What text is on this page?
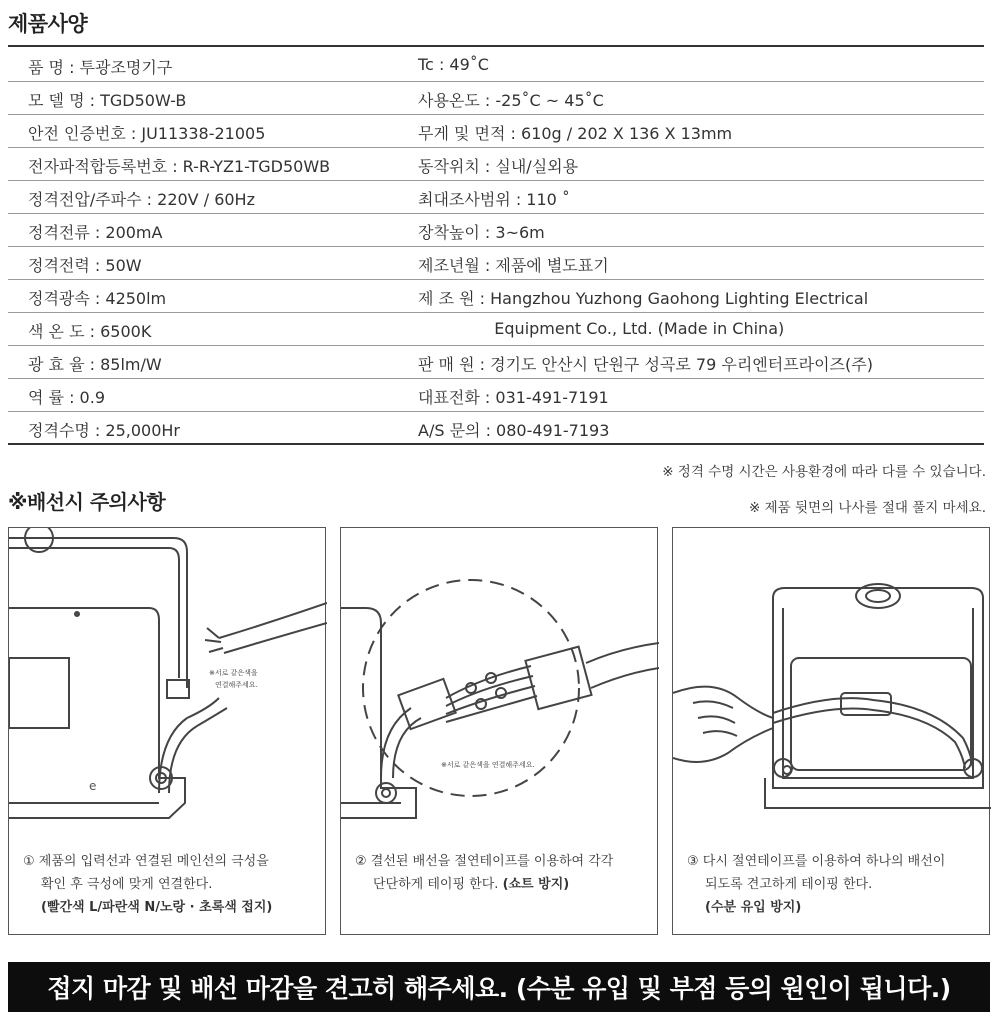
제품사양
품 명 : 투광조명기구	Tc : 49˚C
모 델 명 : TGD50W-B	사용온도 : -25˚C ~ 45˚C
안전 인증번호 : JU11338-21005	무게 및 면적 : 610g / 202 X 136 X 13mm
전자파적합등록번호 : R-R-YZ1-TGD50WB	동작위치 : 실내/실외용
정격전압/주파수 : 220V / 60Hz	최대조사범위 : 110 ˚
정격전류 : 200mA	장착높이 : 3~6m
정격전력 : 50W	제조년월 : 제품에 별도표기
정격광속 : 4250lm	제 조 원 : Hangzhou Yuzhong Gaohong Lighting Electrical
색 온 도 : 6500K	Equipment Co., Ltd. (Made in China)
광 효 율 : 85lm/W	판 매 원 : 경기도 안산시 단원구 성곡로 79 우리엔터프라이즈(주)
역 률 : 0.9	대표전화 : 031-491-7191
정격수명 : 25,000Hr	A/S 문의 : 080-491-7193
※ 정격 수명 시간은 사용환경에 따라 다를 수 있습니다.
※배선시 주의사항	※ 제품 뒷면의 나사를 절대 풀지 마세요.
e
※서로 같은색을
연결해주세요.
① 제품의 입력선과 연결된 메인선의 극성을
확인 후 극성에 맞게 연결한다.
(빨간색 L/파란색 N/노랑 · 초록색 접지)
※서로 같은색을 연결해주세요.
② 결선된 배선을 절연테이프를 이용하여 각각
단단하게 테이핑 한다. (쇼트 방지)
③ 다시 절연테이프를 이용하여 하나의 배선이
되도록 견고하게 테이핑 한다.
(수분 유입 방지)
접지 마감 및 배선 마감을 견고히 해주세요. (수분 유입 및 부점 등의 원인이 됩니다.)
